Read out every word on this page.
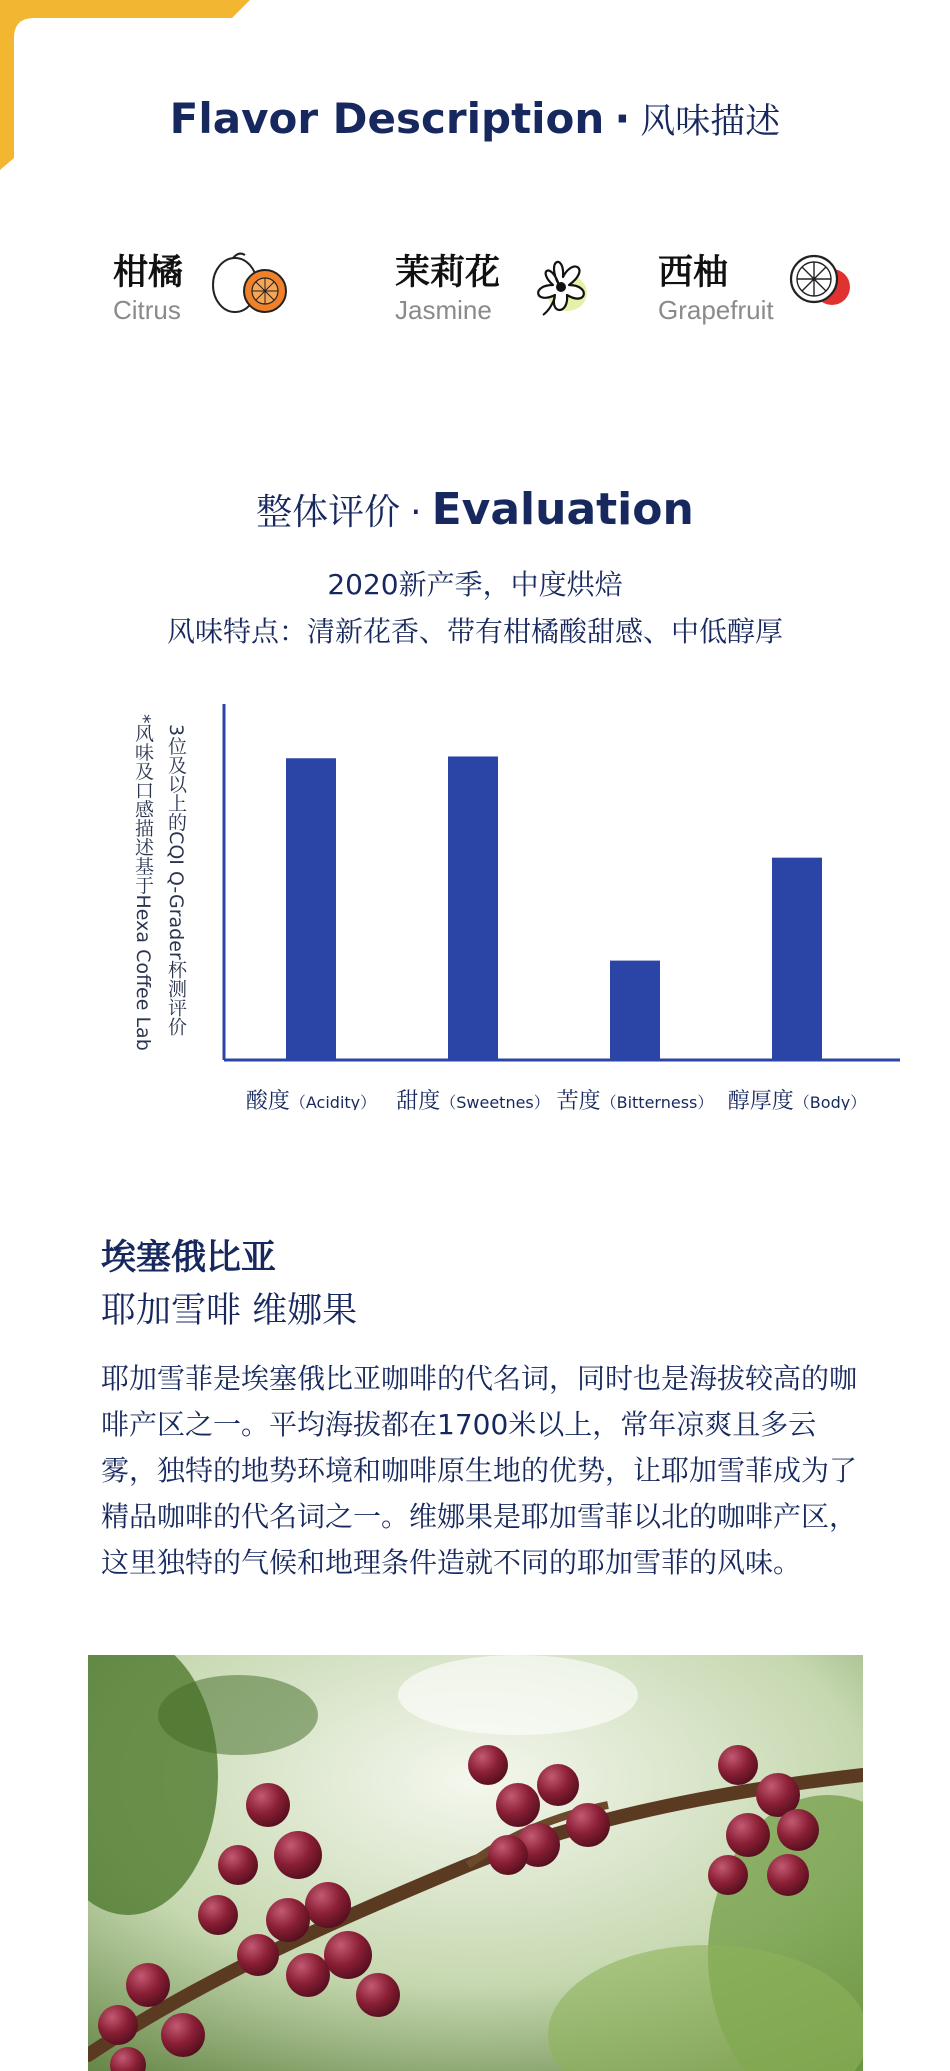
Flavor Description · 风味描述
柑橘
Citrus
茉莉花
Jasmine
西柚
Grapefruit
整体评价 · Evaluation
2020新产季，中度烘焙
风味特点：清新花香、带有柑橘酸甜感、中低醇厚
3位及以上的CQI Q-Grader杯测评价
*风味及口感描述基于Hexa Coffee Lab
酸度（Acidity） 甜度（Sweetnes） 苦度（Bitterness） 醇厚度（Body）
埃塞俄比亚
耶加雪啡 维娜果
耶加雪菲是埃塞俄比亚咖啡的代名词，同时也是海拔较高的咖啡产区之一。平均海拔都在1700米以上，常年凉爽且多云雾，独特的地势环境和咖啡原生地的优势，让耶加雪菲成为了精品咖啡的代名词之一。维娜果是耶加雪菲以北的咖啡产区，这里独特的气候和地理条件造就不同的耶加雪菲的风味。
